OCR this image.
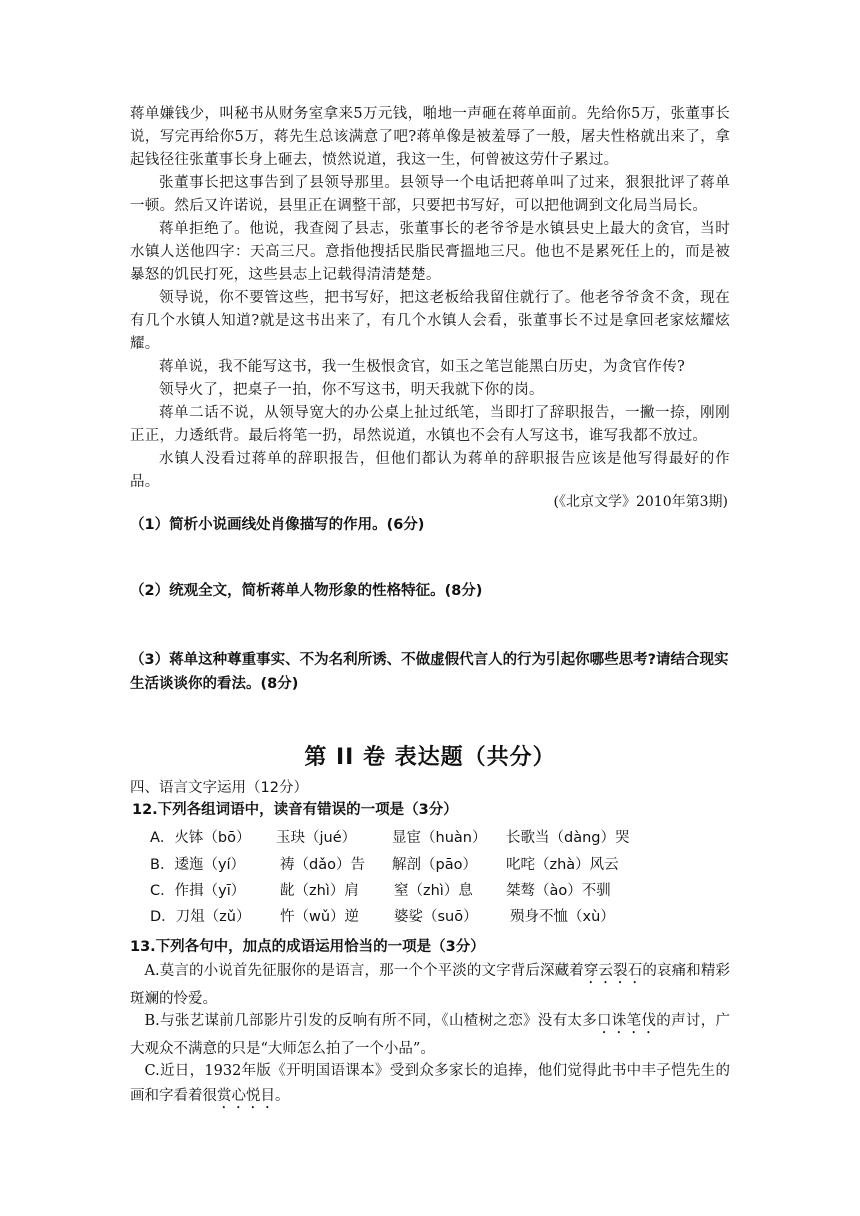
蒋单嫌钱少，叫秘书从财务室拿来5万元钱，啪地一声砸在蒋单面前。先给你5万，张董事长说，写完再给你5万，蒋先生总该满意了吧?蒋单像是被羞辱了一般，屠夫性格就出来了，拿起钱径往张董事长身上砸去，愤然说道，我这一生，何曾被这劳什子累过。

张董事长把这事告到了县领导那里。县领导一个电话把蒋单叫了过来，狠狠批评了蒋单一顿。然后又许诺说，县里正在调整干部，只要把书写好，可以把他调到文化局当局长。

蒋单拒绝了。他说，我查阅了县志，张董事长的老爷爷是水镇县史上最大的贪官，当时水镇人送他四字：天高三尺。意指他搜括民脂民膏搵地三尺。他也不是累死任上的，而是被暴怒的饥民打死，这些县志上记载得清清楚楚。

领导说，你不要管这些，把书写好，把这老板给我留住就行了。他老爷爷贪不贪，现在有几个水镇人知道?就是这书出来了，有几个水镇人会看，张董事长不过是拿回老家炫耀炫耀。

蒋单说，我不能写这书，我一生极恨贪官，如玉之笔岂能黑白历史，为贪官作传?

领导火了，把桌子一拍，你不写这书，明天我就下你的岗。

蒋单二话不说，从领导宽大的办公桌上扯过纸笔，当即打了辞职报告，一撇一捺，刚刚正正，力透纸背。最后将笔一扔，昂然说道，水镇也不会有人写这书，谁写我都不放过。

水镇人没看过蒋单的辞职报告，但他们都认为蒋单的辞职报告应该是他写得最好的作品。

(《北京文学》2010年第3期)

（1）简析小说画线处肖像描写的作用。(6分)

（2）统观全文，简析蒋单人物形象的性格特征。(8分)

（3）蒋单这种尊重事实、不为名利所诱、不做虚假代言人的行为引起你哪些思考?请结合现实生活谈谈你的看法。(8分)

第 II 卷 表达题（共分）
四、语言文字运用（12分）
12.下列各组词语中，读音有错误的一项是（3分）
A．火钵（bō） 玉玦（jué） 显宦（huàn） 长歌当（dàng）哭
B．逶迤（yí） 祷（dǎo）告 解剖（pāo） 叱咤（zhà）风云
C．作揖（yī） 龀（zhì）肩 窒（zhì）息 桀骜（ào）不驯
D．刀俎（zǔ） 忤（wǔ）逆 婆娑（suō） 殒身不恤（xù）
13.下列各句中，加点的成语运用恰当的一项是（3分）

A.莫言的小说首先征服你的是语言，那一个个平淡的文字背后深藏着穿云裂石的哀痛和精彩斑斓的怜爱。

B.与张艺谋前几部影片引发的反响有所不同，《山楂树之恋》没有太多口诛笔伐的声讨，广大观众不满意的只是“大师怎么拍了一个小品”。

C.近日，1932年版《开明国语课本》受到众多家长的追捧，他们觉得此书中丰子恺先生的画和字看着很赏心悦目。
